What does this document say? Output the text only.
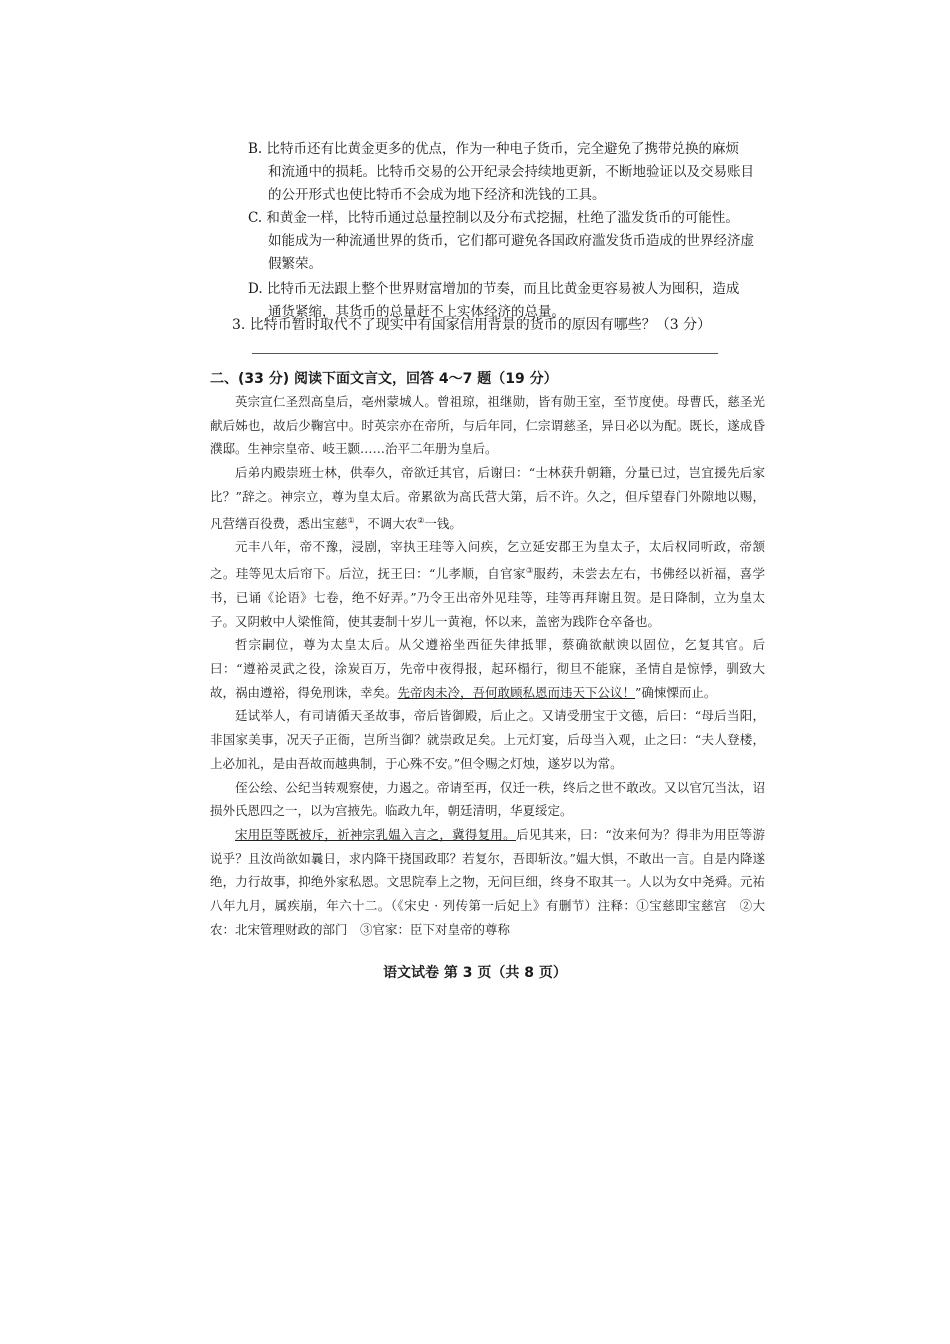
B. 比特币还有比黄金更多的优点，作为一种电子货币，完全避免了携带兑换的麻烦
和流通中的损耗。比特币交易的公开纪录会持续地更新，不断地验证以及交易账目
的公开形式也使比特币不会成为地下经济和洗钱的工具。
C. 和黄金一样，比特币通过总量控制以及分布式挖掘，杜绝了滥发货币的可能性。
如能成为一种流通世界的货币，它们都可避免各国政府滥发货币造成的世界经济虚
假繁荣。
D. 比特币无法跟上整个世界财富增加的节奏，而且比黄金更容易被人为囤积，造成
通货紧缩，其货币的总量赶不上实体经济的总量。
3. 比特币暂时取代不了现实中有国家信用背景的货币的原因有哪些？（3 分）
二、(33 分) 阅读下面文言文，回答 4～7 题（19 分）

英宗宣仁圣烈高皇后，亳州蒙城人。曾祖琼，祖继勋，皆有勋王室，至节度使。母曹氏，慈圣光献后姊也，故后少鞠宫中。时英宗亦在帝所，与后年同，仁宗谓慈圣，异日必以为配。既长，遂成昏濮邸。生神宗皇帝、岐王颢……治平二年册为皇后。

后弟内殿崇班士林，供奉久，帝欲迁其官，后谢曰：“士林获升朝籍，分量已过，岂宜援先后家比？”辞之。神宗立，尊为皇太后。帝累欲为高氏营大第，后不许。久之，但斥望春门外隙地以赐，凡营缮百役费，悉出宝慈①，不调大农②一钱。

元丰八年，帝不豫，浸剧，宰执王珪等入问疾，乞立延安郡王为皇太子，太后权同听政，帝颔之。珪等见太后帘下。后泣，抚王曰：“儿孝顺，自官家③服药，未尝去左右，书佛经以祈福，喜学书，已诵《论语》七卷，绝不好弄。”乃令王出帝外见珪等，珪等再拜谢且贺。是日降制，立为皇太子。又阴敕中人梁惟简，使其妻制十岁儿一黄袍，怀以来，盖密为践阼仓卒备也。

哲宗嗣位，尊为太皇太后。从父遵裕坐西征失律抵罪，蔡确欲献谀以固位，乞复其官。后曰：“遵裕灵武之役，涂炭百万，先帝中夜得报，起环榻行，彻旦不能寐，圣情自是惊悸，驯致大故，祸由遵裕，得免刑诛，幸矣。先帝肉未冷，吾何敢顾私恩而违天下公议！”确悚慄而止。

廷试举人，有司请循天圣故事，帝后皆御殿，后止之。又请受册宝于文德，后曰：“母后当阳，非国家美事，况天子正衙，岂所当御？就崇政足矣。上元灯宴，后母当入观，止之曰：“夫人登楼，上必加礼，是由吾故而越典制，于心殊不安。”但令赐之灯烛，遂岁以为常。

侄公绘、公纪当转观察使，力遏之。帝请至再，仅迁一秩，终后之世不敢改。又以官冗当汰，诏损外氏恩四之一，以为宫掖先。临政九年，朝廷清明，华夏绥定。

宋用臣等既被斥，祈神宗乳媪入言之，冀得复用。后见其来，曰：“汝来何为？得非为用臣等游说乎？且汝尚欲如曩日，求内降干挠国政耶？若复尔，吾即斩汝。”媪大惧，不敢出一言。自是内降遂绝，力行故事，抑绝外家私恩。文思院奉上之物，无问巨细，终身不取其一。人以为女中尧舜。元祐八年九月，属疾崩，年六十二。（《宋史 · 列传第一后妃上》有删节）注释：①宝慈即宝慈宫　②大农：北宋管理财政的部门　③官家：臣下对皇帝的尊称

语文试卷 第 3 页（共 8 页）
